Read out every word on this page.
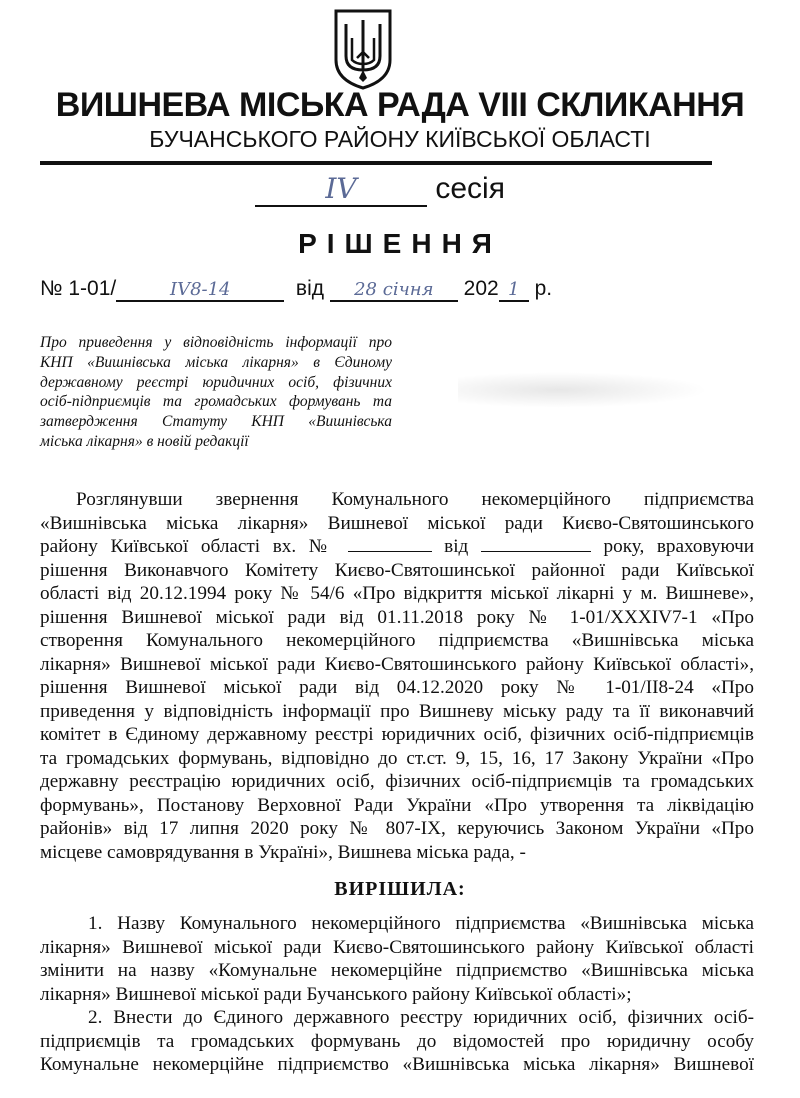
ВИШНЕВА МІСЬКА РАДА VIII СКЛИКАННЯ
БУЧАНСЬКОГО РАЙОНУ КИЇВСЬКОЇ ОБЛАСТІ
IV	сесія
РІШЕННЯ
№ 1-01/	IV8-14	від 28 січня 202 1 р.
Про приведення у відповідність інформації про
КНП «Вишнівська міська лікарня» в Єдиному
державному реєстрі юридичних осіб, фізичних
осіб-підприємців та громадських формувань та
затвердження Статуту КНП «Вишнівська
міська лікарня» в новій редакції
Розглянувши звернення Комунального некомерційного підприємства
«Вишнівська міська лікарня» Вишневої міської ради Києво-Святошинського
району Київської області вх. №	від	року, враховуючи
рішення Виконавчого Комітету Києво-Святошинської районної ради Київської
області від 20.12.1994 року № 54/6 «Про відкриття міської лікарні у м. Вишневе»,
рішення Вишневої міської ради від 01.11.2018 року № 1-01/XXXIV7-1 «Про
створення Комунального некомерційного підприємства «Вишнівська міська
лікарня» Вишневої міської ради Києво-Святошинського району Київської області»,
рішення Вишневої міської ради від 04.12.2020 року № 1-01/II8-24 «Про
приведення у відповідність інформації про Вишневу міську раду та її виконавчий
комітет в Єдиному державному реєстрі юридичних осіб, фізичних осіб-підприємців
та громадських формувань, відповідно до ст.ст. 9, 15, 16, 17 Закону України «Про
державну реєстрацію юридичних осіб, фізичних осіб-підприємців та громадських
формувань», Постанову Верховної Ради України «Про утворення та ліквідацію
районів» від 17 липня 2020 року № 807-IX, керуючись Законом України «Про
місцеве самоврядування в Україні», Вишнева міська рада, -
ВИРІШИЛА:
1. Назву Комунального некомерційного підприємства «Вишнівська міська
лікарня» Вишневої міської ради Києво-Святошинського району Київської області
змінити на назву «Комунальне некомерційне підприємство «Вишнівська міська
лікарня» Вишневої міської ради Бучанського району Київської області»;
2. Внести до Єдиного державного реєстру юридичних осіб, фізичних осіб-
підприємців та громадських формувань до відомостей про юридичну особу
Комунальне некомерційне підприємство «Вишнівська міська лікарня» Вишневої
